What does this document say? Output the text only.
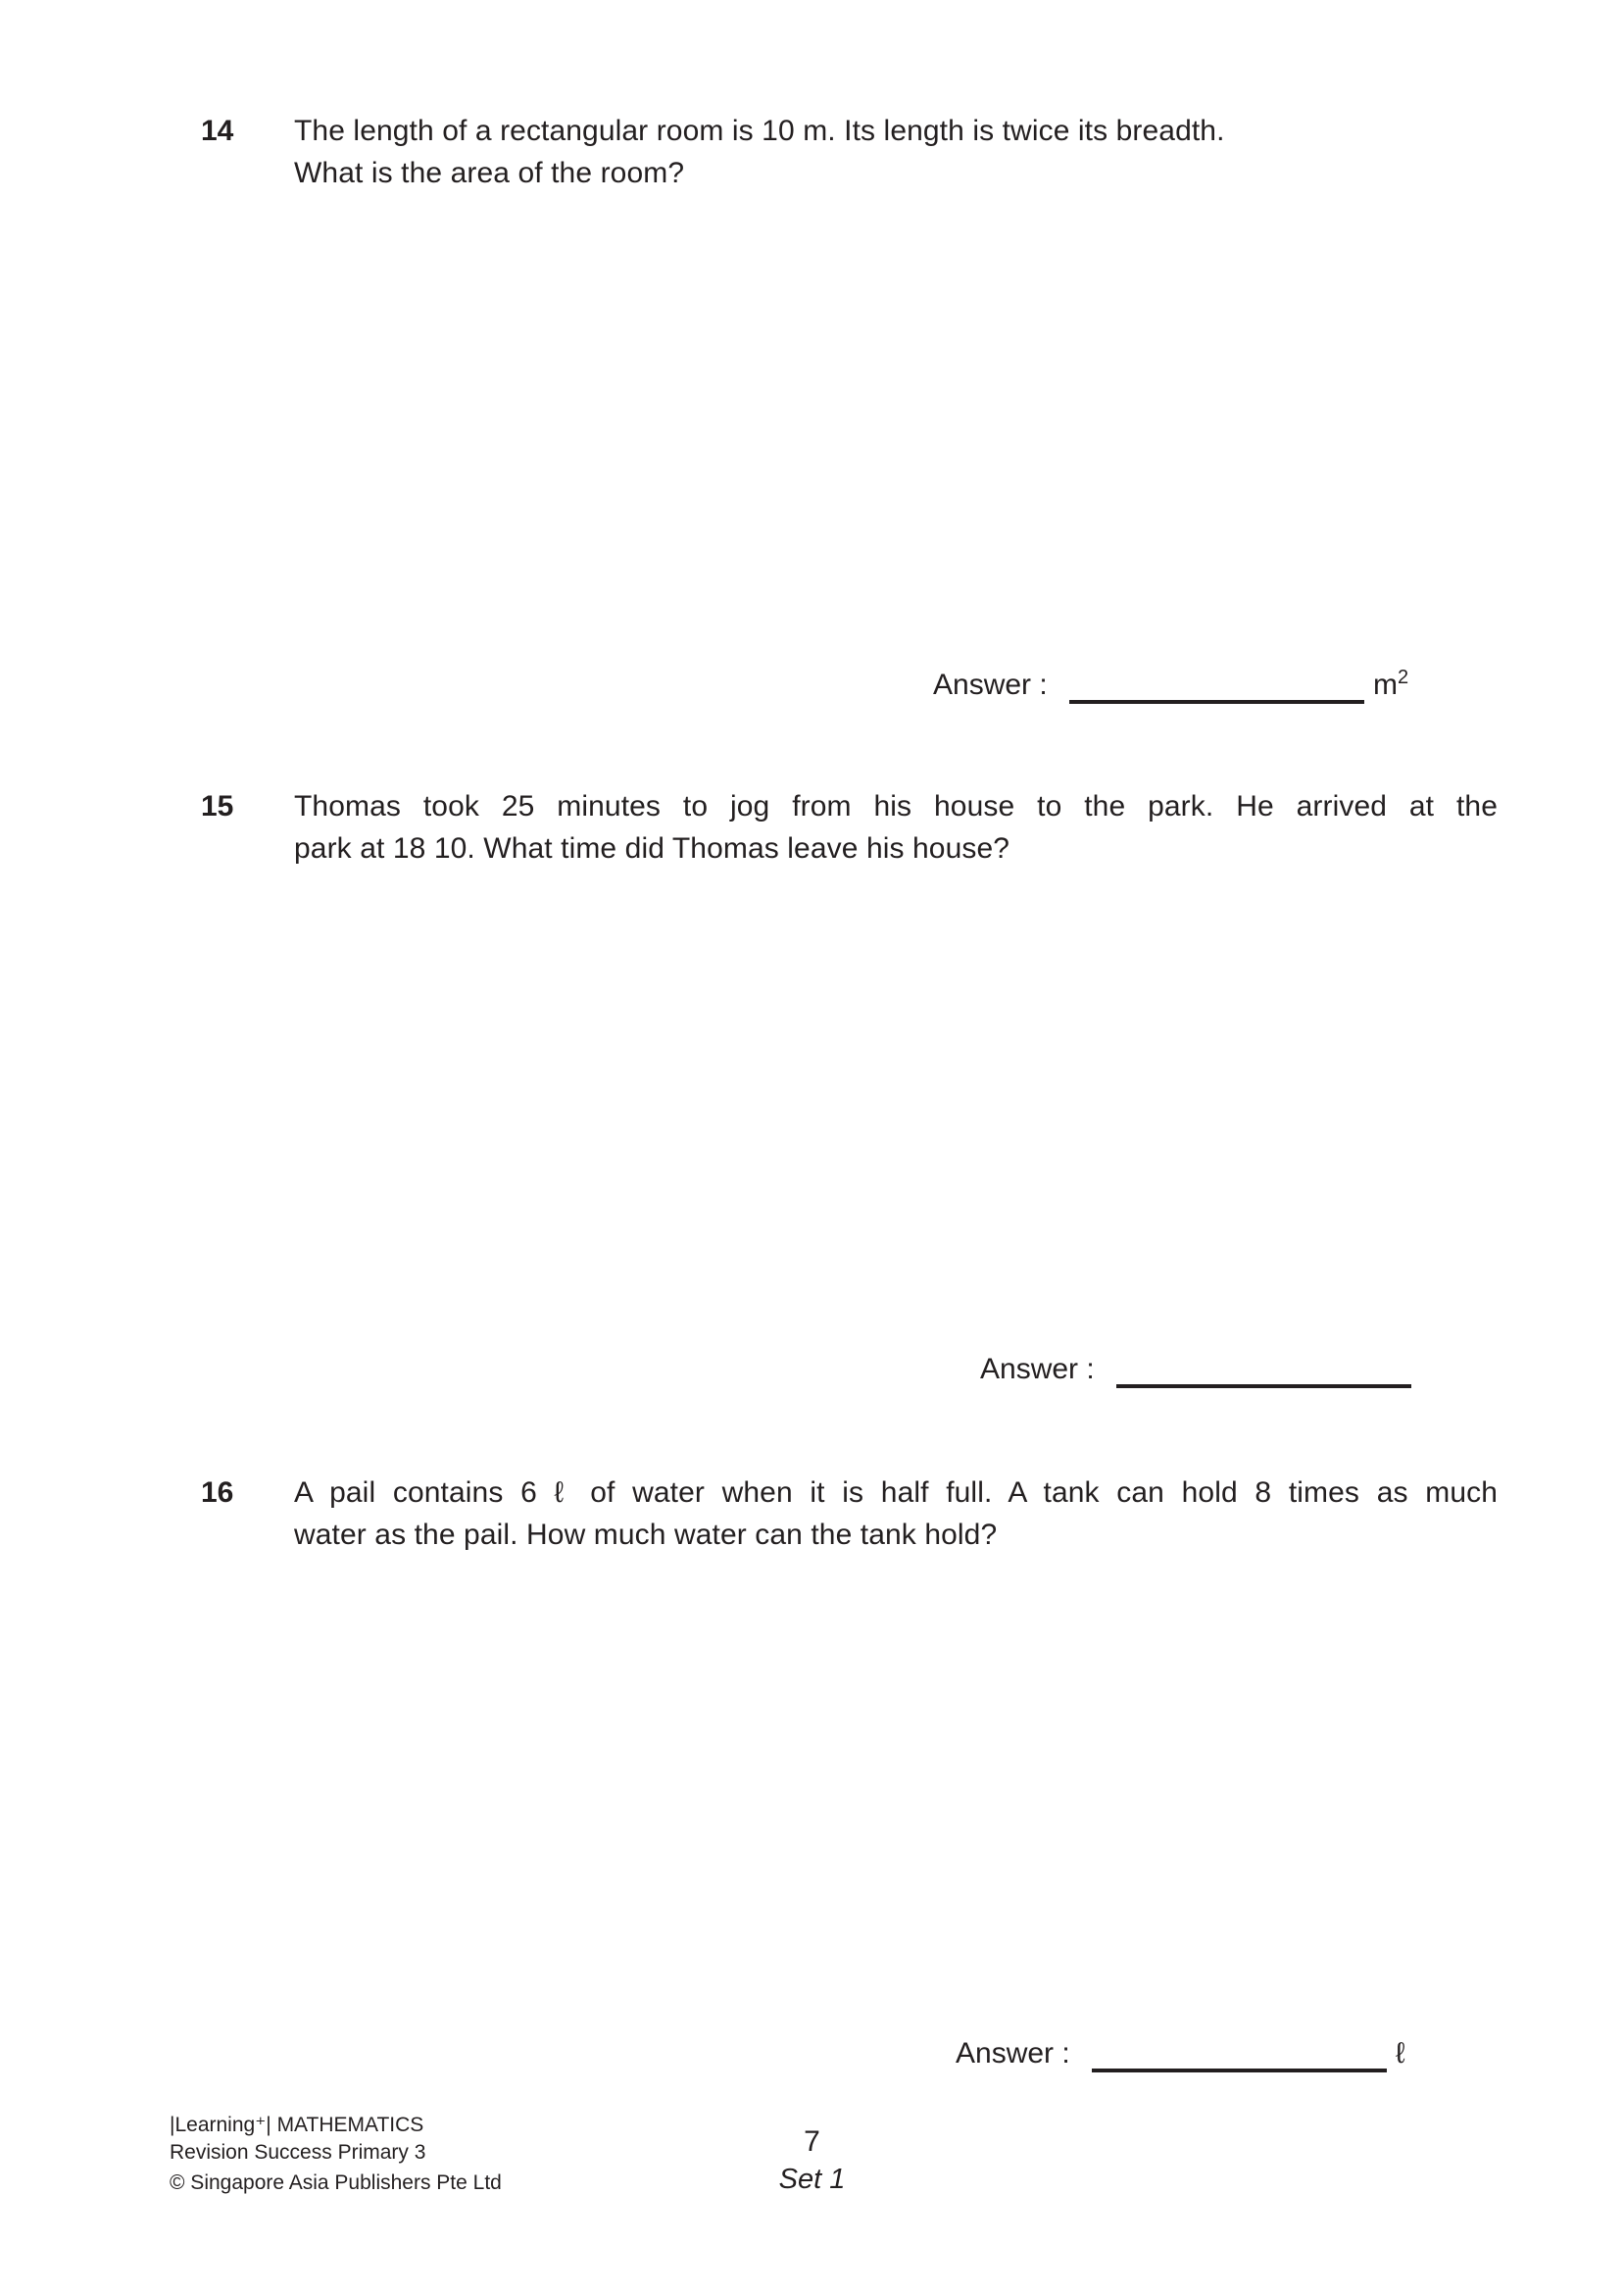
14 The length of a rectangular room is 10 m. Its length is twice its breadth.
What is the area of the room?
Answer :	$m^2$
15 Thomas took 25 minutes to jog from his house to the park. He arrived at the
park at 18 10. What time did Thomas leave his house?
Answer :
16 A pail contains 6 ℓ of water when it is half full. A tank can hold 8 times as much
water as the pail. How much water can the tank hold?
Answer :	ℓ
|Learning⁺| MATHEMATICS
Revision Success Primary 3
© Singapore Asia Publishers Pte Ltd
7
Set 1
